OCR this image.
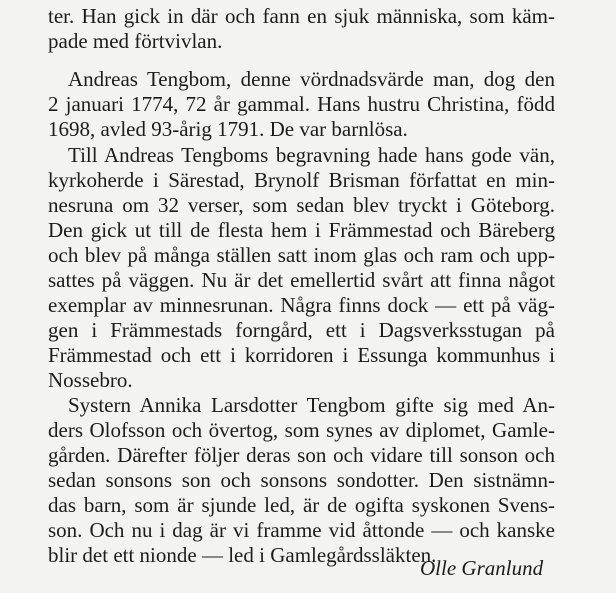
ter. Han gick in där och fann en sjuk människa, som käm-
pade med förtvivlan.
Andreas Tengbom, denne vördnadsvärde man, dog den
2 januari 1774, 72 år gammal. Hans hustru Christina, född
1698, avled 93-årig 1791. De var barnlösa.
Till Andreas Tengboms begravning hade hans gode vän,
kyrkoherde i Särestad, Brynolf Brisman författat en min-
nesruna om 32 verser, som sedan blev tryckt i Göteborg.
Den gick ut till de flesta hem i Främmestad och Bäreberg
och blev på många ställen satt inom glas och ram och upp-
sattes på väggen. Nu är det emellertid svårt att finna något
exemplar av minnesrunan. Några finns dock — ett på väg-
gen i Främmestads forngård, ett i Dagsverksstugan på
Främmestad och ett i korridoren i Essunga kommunhus i
Nossebro.
Systern Annika Larsdotter Tengbom gifte sig med An-
ders Olofsson och övertog, som synes av diplomet, Gamle-
gården. Därefter följer deras son och vidare till sonson och
sedan sonsons son och sonsons sondotter. Den sistnämn-
das barn, som är sjunde led, är de ogifta syskonen Svens-
son. Och nu i dag är vi framme vid åttonde — och kanske
blir det ett nionde — led i Gamlegårdssläkten.
Olle Granlund
